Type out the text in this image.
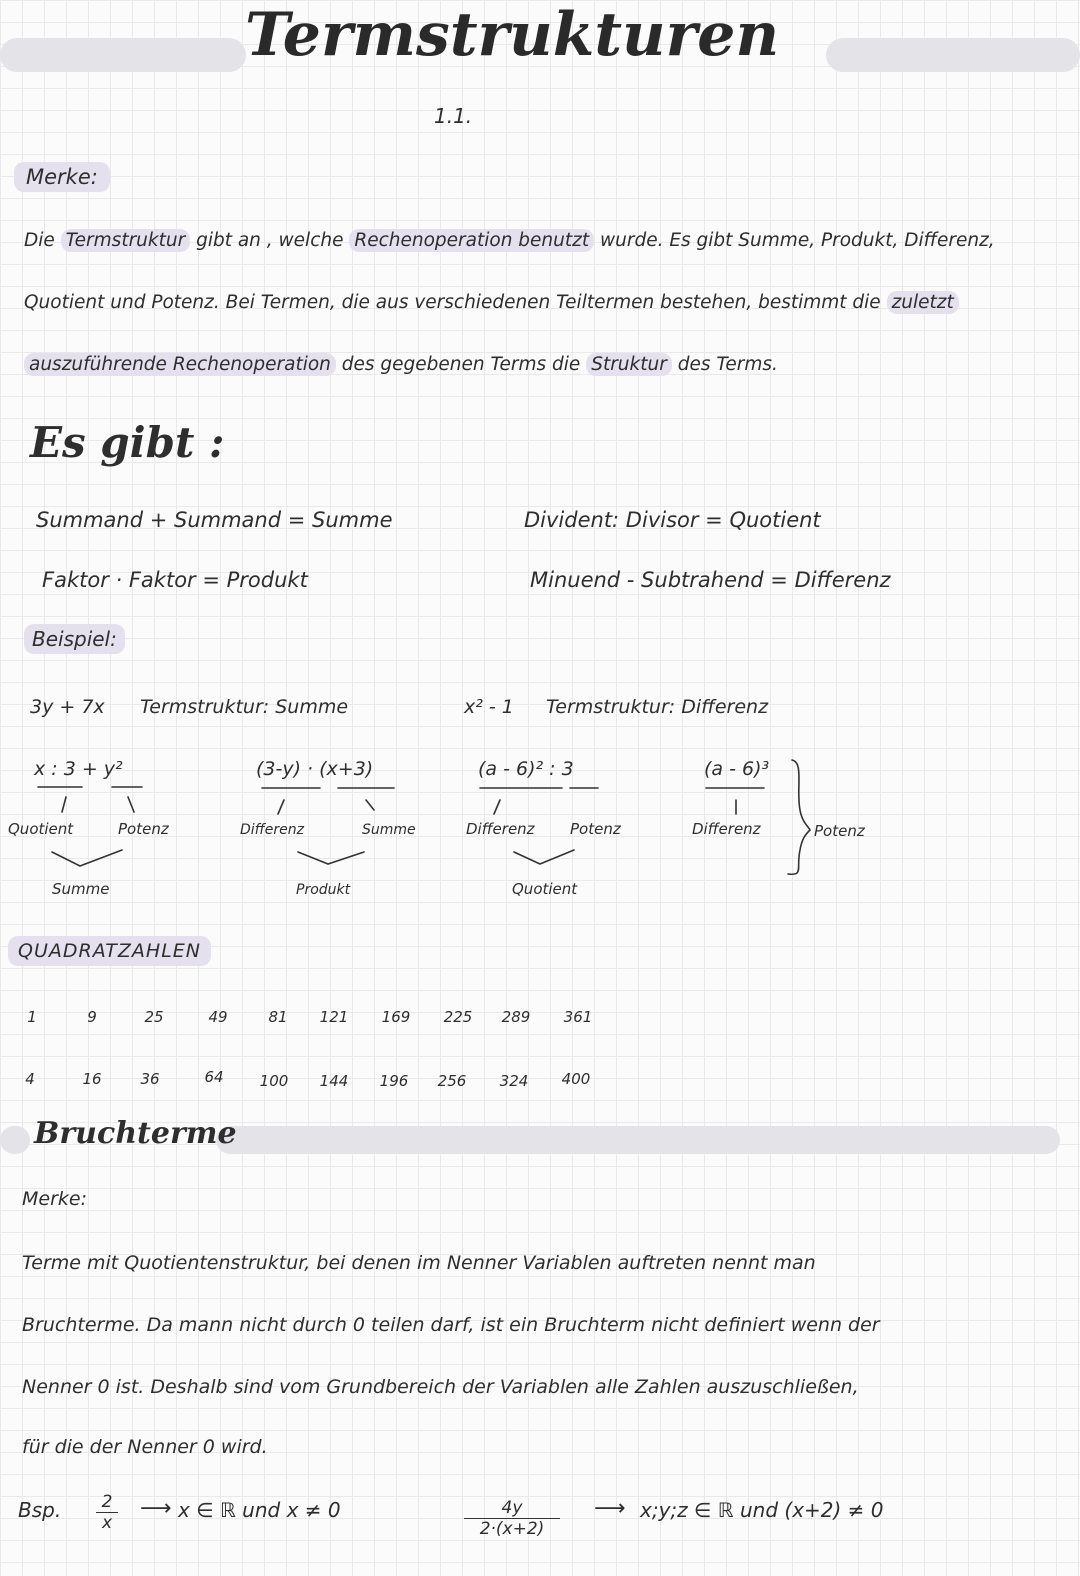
Termstrukturen
1.1.
Merke:
Die Termstruktur gibt an , welche Rechenoperation benutzt wurde. Es gibt Summe, Produkt, Differenz,
Quotient und Potenz. Bei Termen, die aus verschiedenen Teiltermen bestehen, bestimmt die zuletzt
auszuführende Rechenoperation des gegebenen Terms die Struktur des Terms.
Es gibt :
Summand + Summand = Summe
Faktor · Faktor = Produkt
Divident: Divisor = Quotient
Minuend - Subtrahend = Differenz
Beispiel:
3y + 7x Termstruktur: Summe	x² - 1 Termstruktur: Differenz
x : 3 + y²
Quotient	Potenz
Summe
(3-y) · (x+3)
Differenz	Summe
Produkt
(a - 6)² : 3
Differenz Potenz
Quotient
(a - 6)³
Differenz	Potenz
QUADRATZAHLEN
1	9	25	49	81	121 169 225 289 361
4	16	36	64	100 144 196 256 324 400
Bruchterme
Merke:
Terme mit Quotientenstruktur, bei denen im Nenner Variablen auftreten nennt man
Bruchterme. Da mann nicht durch 0 teilen darf, ist ein Bruchterm nicht definiert wenn der
Nenner 0 ist. Deshalb sind vom Grundbereich der Variablen alle Zahlen auszuschließen,
für die der Nenner 0 wird.
Bsp. $\frac{2}{x}$ ⟶ x ∈ ℝ und x ≠ 0	$\frac{4y}{2\cdot(x+2)}$ ⟶ x;y;z ∈ ℝ und (x+2) ≠ 0
